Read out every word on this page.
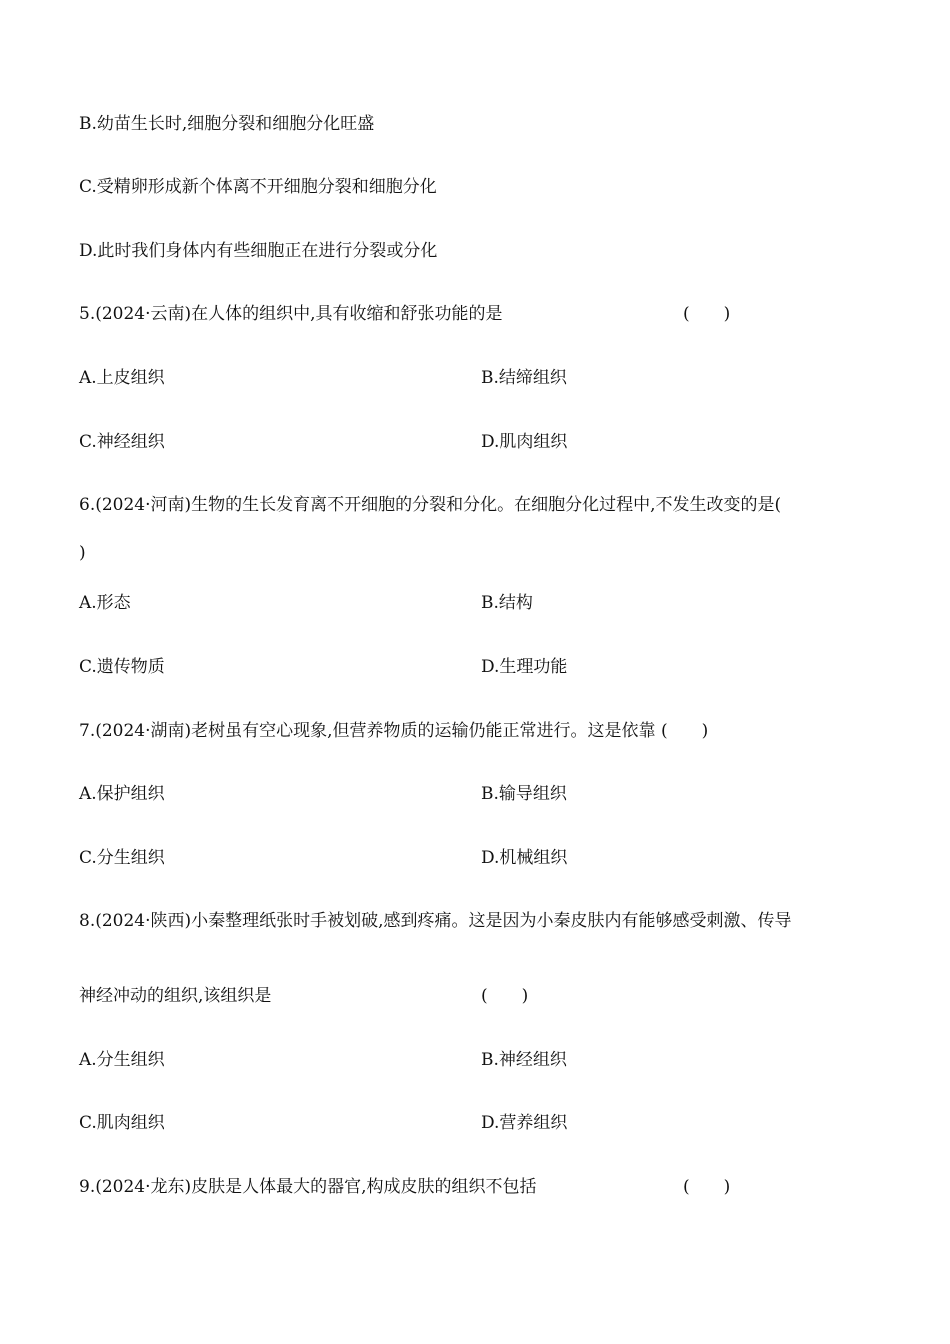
B.幼苗生长时,细胞分裂和细胞分化旺盛
C.受精卵形成新个体离不开细胞分裂和细胞分化
D.此时我们身体内有些细胞正在进行分裂或分化
5.(2024·云南)在人体的组织中,具有收缩和舒张功能的是	(　　)
A.上皮组织	B.结缔组织
C.神经组织	D.肌肉组织
6.(2024·河南)生物的生长发育离不开细胞的分裂和分化。在细胞分化过程中,不发生改变的是(
)
A.形态	B.结构
C.遗传物质	D.生理功能
7.(2024·湖南)老树虽有空心现象,但营养物质的运输仍能正常进行。这是依靠 (　　)
A.保护组织	B.输导组织
C.分生组织	D.机械组织
8.(2024·陕西)小秦整理纸张时手被划破,感到疼痛。这是因为小秦皮肤内有能够感受刺激、传导
神经冲动的组织,该组织是	(　　)
A.分生组织	B.神经组织
C.肌肉组织	D.营养组织
9.(2024·龙东)皮肤是人体最大的器官,构成皮肤的组织不包括	(　　)
